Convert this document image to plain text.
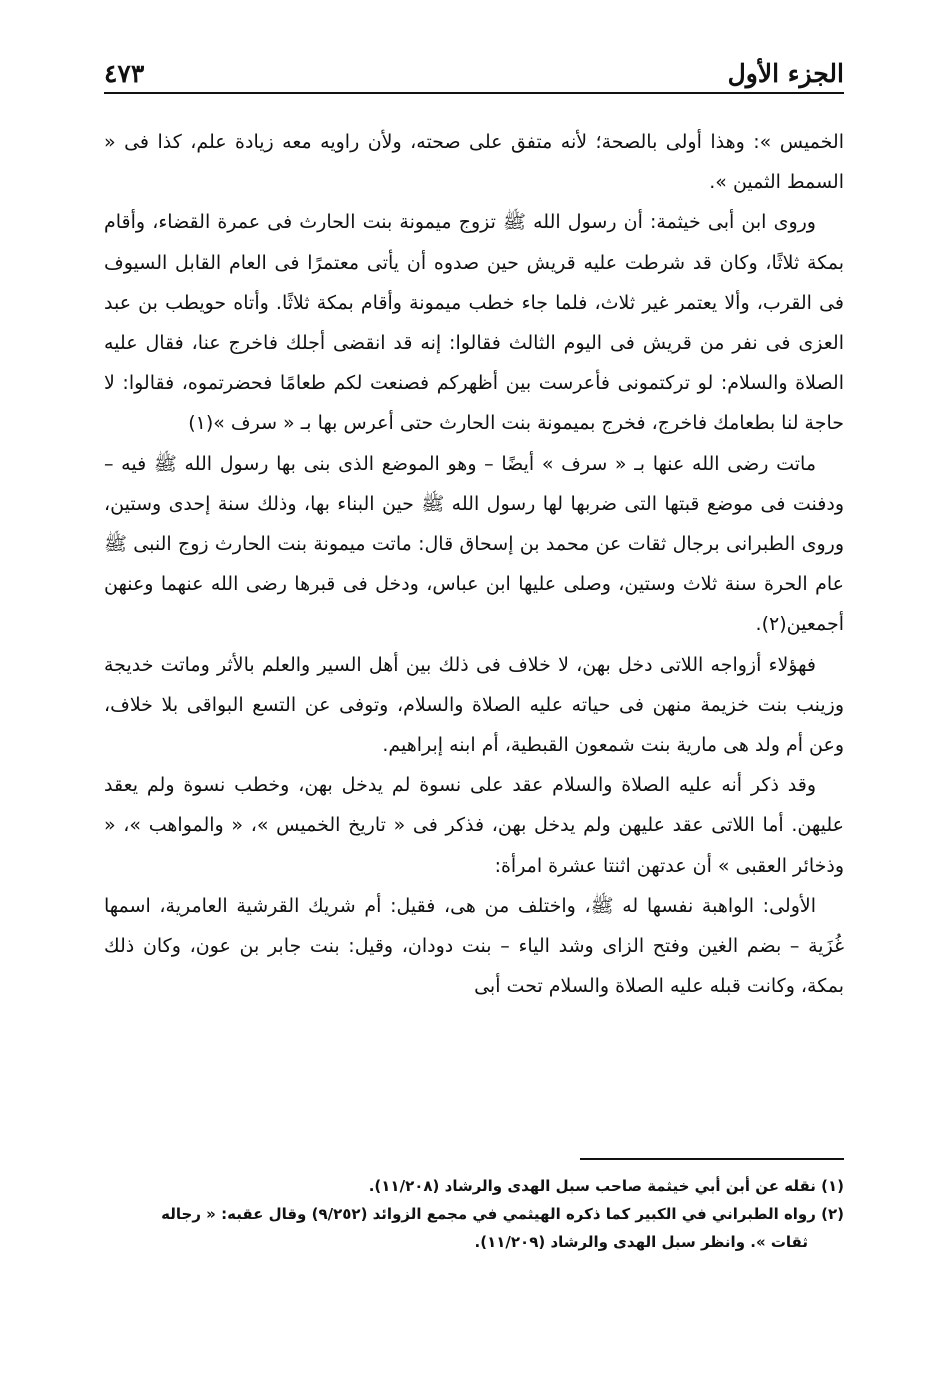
٤٧٣	الجزء الأول

الخميس »: وهذا أولى بالصحة؛ لأنه متفق على صحته، ولأن راويه معه زيادة علم، كذا فى « السمط الثمين ».

وروى ابن أبى خيثمة: أن رسول الله ﷺ تزوج ميمونة بنت الحارث فى عمرة القضاء، وأقام بمكة ثلاثًا، وكان قد شرطت عليه قريش حين صدوه أن يأتى معتمرًا فى العام القابل السيوف فى القرب، وألا يعتمر غير ثلاث، فلما جاء خطب ميمونة وأقام بمكة ثلاثًا. وأتاه حويطب بن عبد العزى فى نفر من قريش فى اليوم الثالث فقالوا: إنه قد انقضى أجلك فاخرج عنا، فقال عليه الصلاة والسلام: لو تركتمونى فأعرست بين أظهركم فصنعت لكم طعامًا فحضرتموه، فقالوا: لا حاجة لنا بطعامك فاخرج، فخرج بميمونة بنت الحارث حتى أعرس بها بـ « سرف »(١)

ماتت رضى الله عنها بـ « سرف » أيضًا – وهو الموضع الذى بنى بها رسول الله ﷺ فيه – ودفنت فى موضع قبتها التى ضربها لها رسول الله ﷺ حين البناء بها، وذلك سنة إحدى وستين، وروى الطبرانى برجال ثقات عن محمد بن إسحاق قال: ماتت ميمونة بنت الحارث زوج النبى ﷺ عام الحرة سنة ثلاث وستين، وصلى عليها ابن عباس، ودخل فى قبرها رضى الله عنهما وعنهن أجمعين(٢).

فهؤلاء أزواجه اللاتى دخل بهن، لا خلاف فى ذلك بين أهل السير والعلم بالأثر وماتت خديجة وزينب بنت خزيمة منهن فى حياته عليه الصلاة والسلام، وتوفى عن التسع البواقى بلا خلاف، وعن أم ولد هى مارية بنت شمعون القبطية، أم ابنه إبراهيم.

وقد ذكر أنه عليه الصلاة والسلام عقد على نسوة لم يدخل بهن، وخطب نسوة ولم يعقد عليهن. أما اللاتى عقد عليهن ولم يدخل بهن، فذكر فى « تاريخ الخميس »، « والمواهب »، « وذخائر العقبى » أن عدتهن اثنتا عشرة امرأة:

الأولى: الواهبة نفسها له ﷺ، واختلف من هى، فقيل: أم شريك القرشية العامرية، اسمها غُزَية – بضم الغين وفتح الزاى وشد الياء – بنت دودان، وقيل: بنت جابر بن عون، وكان ذلك بمكة، وكانت قبله عليه الصلاة والسلام تحت أبى

(١) نقله عن أبن أبي خيثمة صاحب سبل الهدى والرشاد (١١/٢٠٨).

(٢) رواه الطبراني في الكبير كما ذكره الهيثمي في مجمع الزوائد (٩/٢٥٢) وقال عقبه: « رجاله

ثقات ». وانظر سبل الهدى والرشاد (١١/٢٠٩).
